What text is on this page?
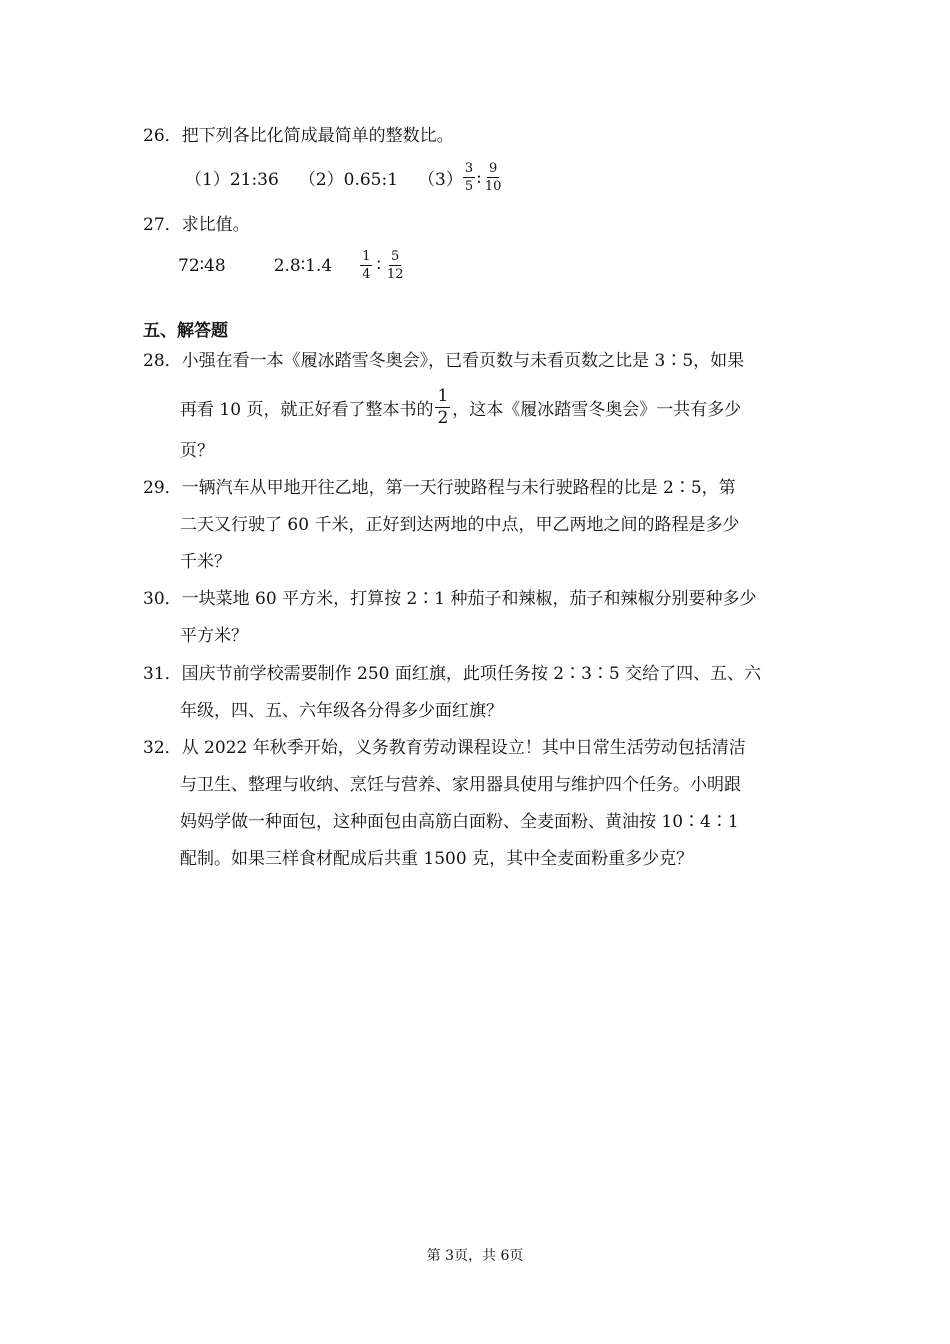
26．把下列各比化简成最简单的整数比。
（1）21:36 （2）0.65:1 $(3) \frac{3}{5}$ : $\frac{9}{10}$
27．求比值。
72∶48	2.8∶1.4 $\frac{1}{4}$ ∶ $\frac{5}{12}$
五、解答题
28．小强在看一本《履冰踏雪冬奥会》，已看页数与未看页数之比是 3∶5，如果
再看 10 页，就正好看了整本书的 $\frac{1}{2}$ ，这本《履冰踏雪冬奥会》一共有多少
页？
29．一辆汽车从甲地开往乙地，第一天行驶路程与未行驶路程的比是 2∶5，第
二天又行驶了 60 千米，正好到达两地的中点，甲乙两地之间的路程是多少
千米？
30．一块菜地 60 平方米，打算按 2∶1 种茄子和辣椒，茄子和辣椒分别要种多少
平方米？
31．国庆节前学校需要制作 250 面红旗，此项任务按 2∶3∶5 交给了四、五、六
年级，四、五、六年级各分得多少面红旗？
32．从 2022 年秋季开始，义务教育劳动课程设立！其中日常生活劳动包括清洁
与卫生、整理与收纳、烹饪与营养、家用器具使用与维护四个任务。小明跟
妈妈学做一种面包，这种面包由高筋白面粉、全麦面粉、黄油按 10∶4∶1
配制。如果三样食材配成后共重 1500 克，其中全麦面粉重多少克？
第 3页，共 6页
